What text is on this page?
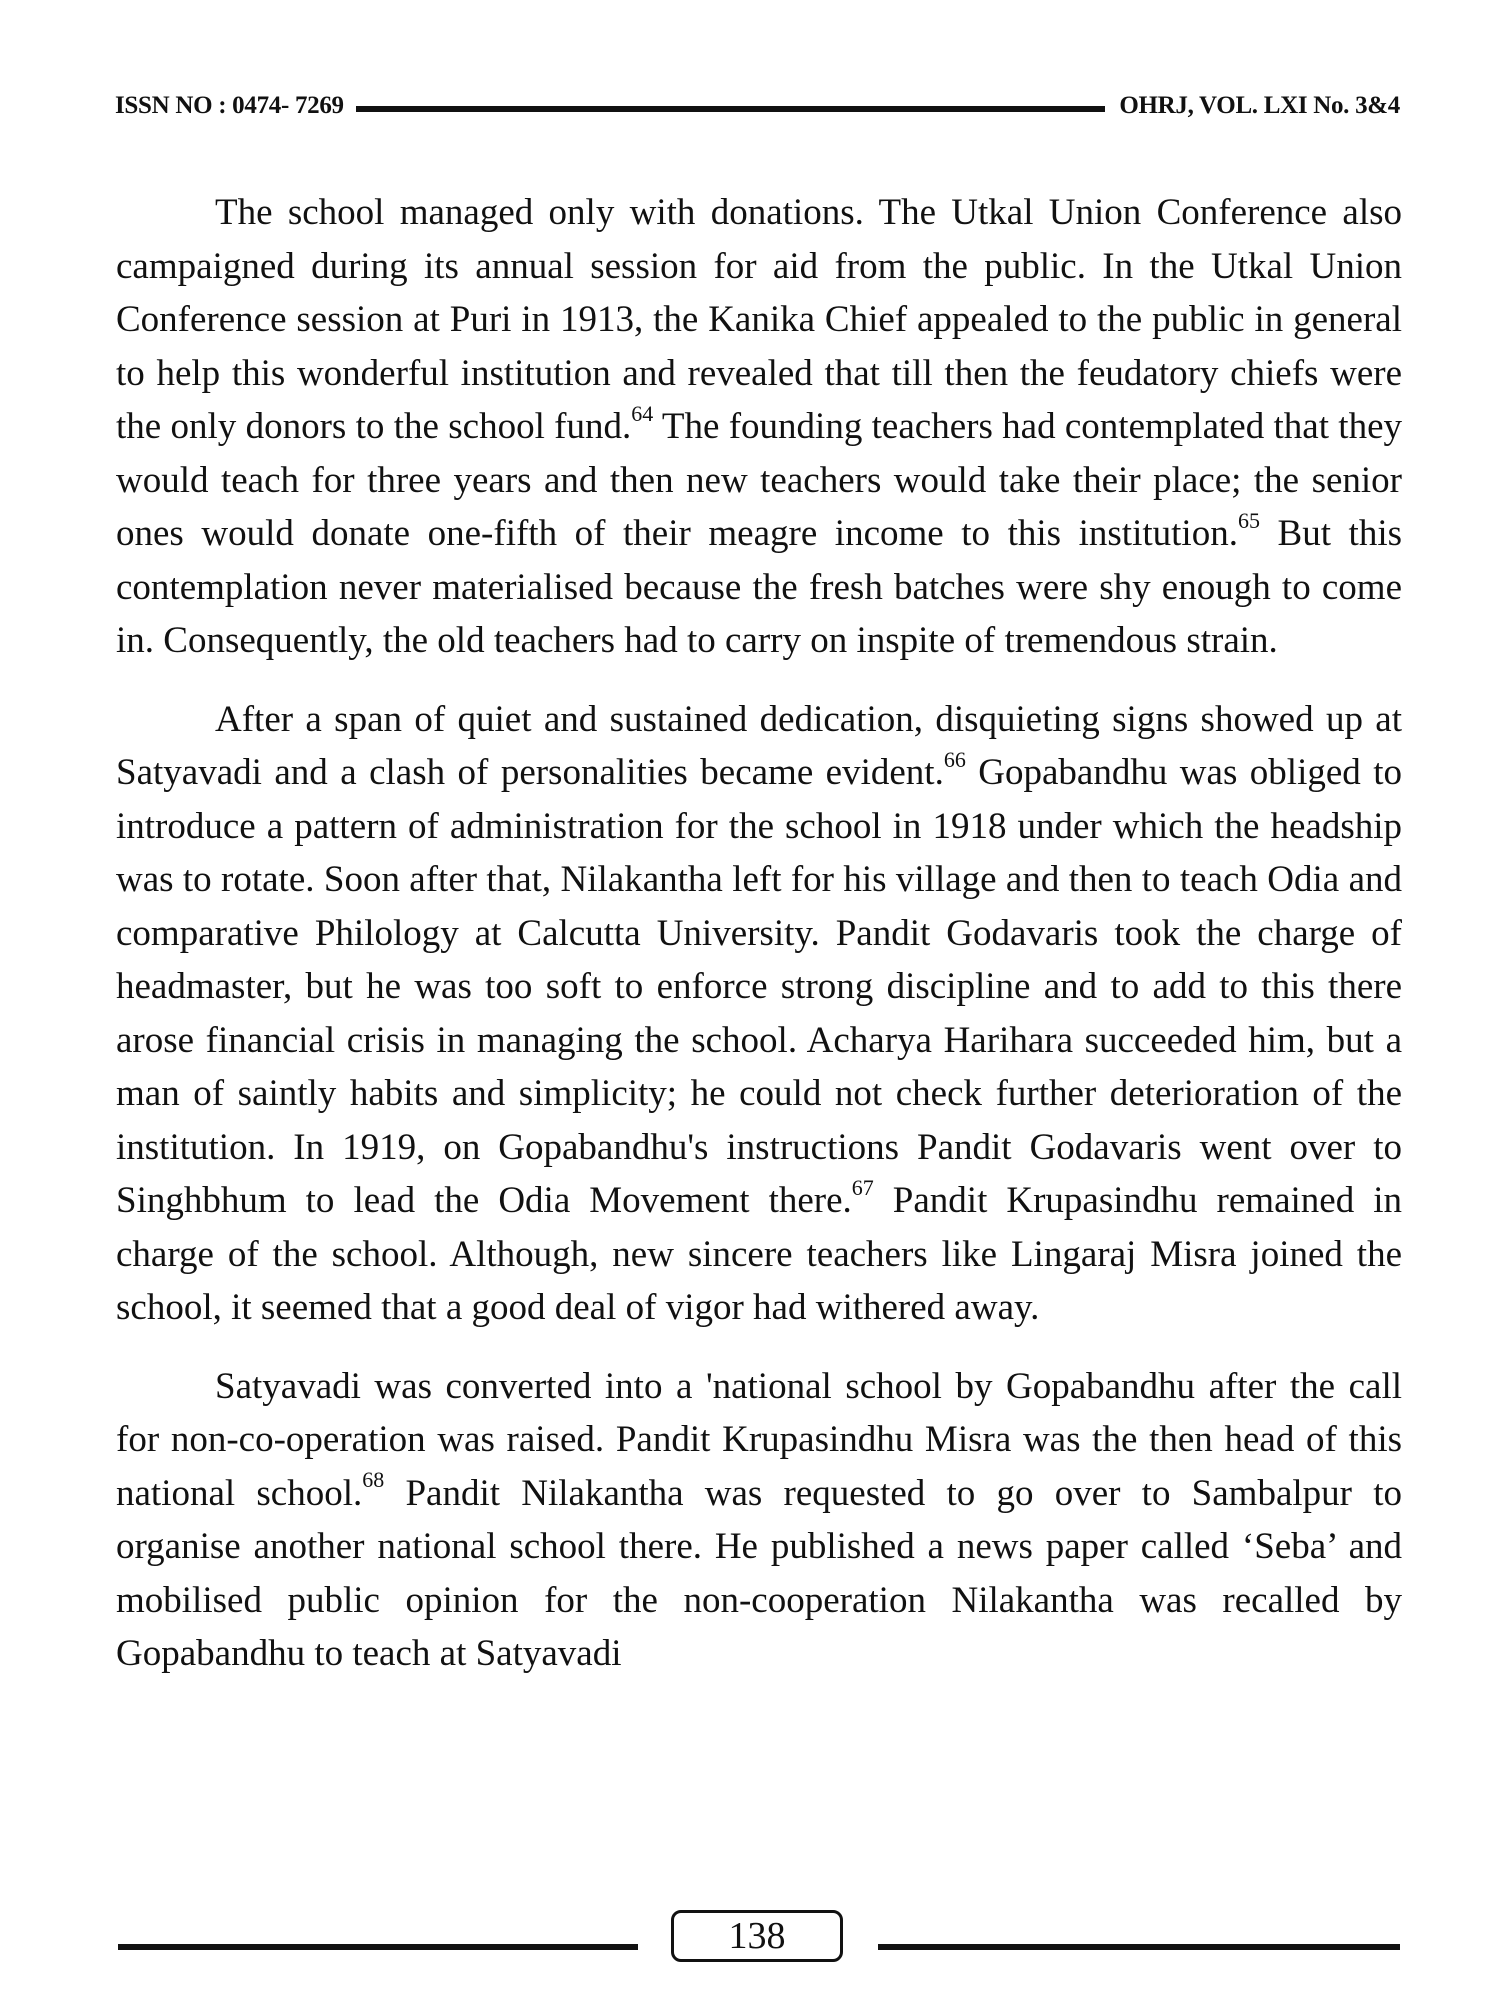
ISSN NO : 0474- 7269	OHRJ, VOL. LXI No. 3&4

The school managed only with donations. The Utkal Union Conference also campaigned during its annual session for aid from the public. In the Utkal Union Conference session at Puri in 1913, the Kanika Chief appealed to the public in general to help this wonderful institution and revealed that till then the feudatory chiefs were the only donors to the school fund.$^{64}$ The founding teachers had contemplated that they would teach for three years and then new teachers would take their place; the senior ones would donate one-fifth of their meagre income to this institution.$^{65}$ But this contemplation never materialised because the fresh batches were shy enough to come in. Consequently, the old teachers had to carry on inspite of tremendous strain.

After a span of quiet and sustained dedication, disquieting signs showed up at Satyavadi and a clash of personalities became evident.$^{66}$ Gopabandhu was obliged to introduce a pattern of administration for the school in 1918 under which the headship was to rotate. Soon after that, Nilakantha left for his village and then to teach Odia and comparative Philology at Calcutta University. Pandit Godavaris took the charge of headmaster, but he was too soft to enforce strong discipline and to add to this there arose financial crisis in managing the school. Acharya Harihara succeeded him, but a man of saintly habits and simplicity; he could not check further deterioration of the institution. In 1919, on Gopabandhu's instructions Pandit Godavaris went over to Singhbhum to lead the Odia Movement there.$^{67}$ Pandit Krupasindhu remained in charge of the school. Although, new sincere teachers like Lingaraj Misra joined the school, it seemed that a good deal of vigor had withered away.

Satyavadi was converted into a 'national school by Gopabandhu after the call for non-co-operation was raised. Pandit Krupasindhu Misra was the then head of this national school.$^{68}$ Pandit Nilakantha was requested to go over to Sambalpur to organise another national school there. He published a news paper called ‘Seba’ and mobilised public opinion for the non-cooperation Nilakantha was recalled by Gopabandhu to teach at Satyavadi

138
